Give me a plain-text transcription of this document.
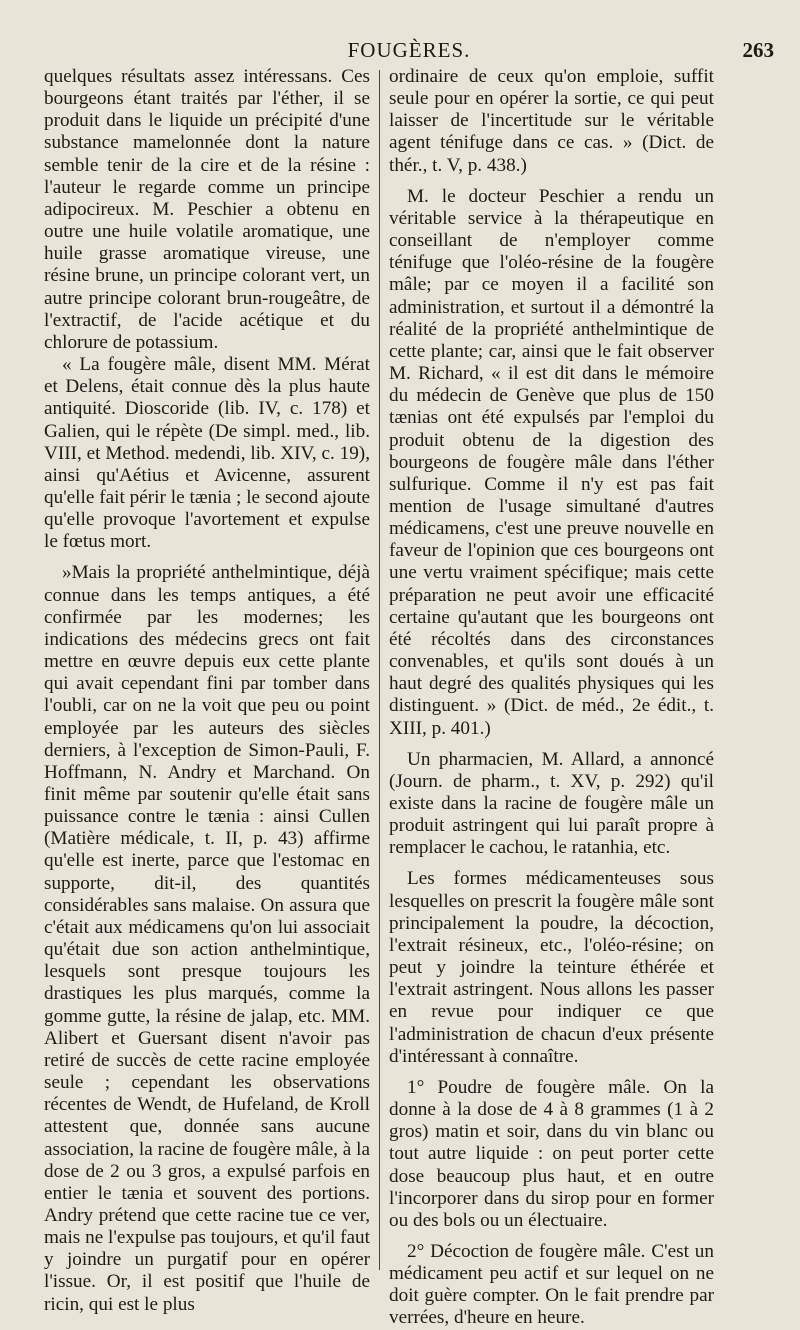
FOUGÈRES.	263

quelques résultats assez intéressans. Ces bourgeons étant traités par l'éther, il se produit dans le liquide un précipité d'une substance mamelonnée dont la nature semble tenir de la cire et de la résine : l'auteur le regarde comme un principe adipocireux. M. Peschier a obtenu en outre une huile volatile aromatique, une huile grasse aromatique vireuse, une résine brune, un principe colorant vert, un autre principe colorant brun-rougeâtre, de l'extractif, de l'acide acétique et du chlorure de potassium.

« La fougère mâle, disent MM. Mérat et Delens, était connue dès la plus haute antiquité. Dioscoride (lib. IV, c. 178) et Galien, qui le répète (De simpl. med., lib. VIII, et Method. medendi, lib. XIV, c. 19), ainsi qu'Aétius et Avicenne, assurent qu'elle fait périr le tænia ; le second ajoute qu'elle provoque l'avortement et expulse le fœtus mort.

»Mais la propriété anthelmintique, déjà connue dans les temps antiques, a été confirmée par les modernes; les indications des médecins grecs ont fait mettre en œuvre depuis eux cette plante qui avait cependant fini par tomber dans l'oubli, car on ne la voit que peu ou point employée par les auteurs des siècles derniers, à l'exception de Simon-Pauli, F. Hoffmann, N. Andry et Marchand. On finit même par soutenir qu'elle était sans puissance contre le tænia : ainsi Cullen (Matière médicale, t. II, p. 43) affirme qu'elle est inerte, parce que l'estomac en supporte, dit-il, des quantités considérables sans malaise. On assura que c'était aux médicamens qu'on lui associait qu'était due son action anthelmintique, lesquels sont presque toujours les drastiques les plus marqués, comme la gomme gutte, la résine de jalap, etc. MM. Alibert et Guersant disent n'avoir pas retiré de succès de cette racine employée seule ; cependant les observations récentes de Wendt, de Hufeland, de Kroll attestent que, donnée sans aucune association, la racine de fougère mâle, à la dose de 2 ou 3 gros, a expulsé parfois en entier le tænia et souvent des portions. Andry prétend que cette racine tue ce ver, mais ne l'expulse pas toujours, et qu'il faut y joindre un purgatif pour en opérer l'issue. Or, il est positif que l'huile de ricin, qui est le plus

ordinaire de ceux qu'on emploie, suffit seule pour en opérer la sortie, ce qui peut laisser de l'incertitude sur le véritable agent ténifuge dans ce cas. » (Dict. de thér., t. V, p. 438.)

M. le docteur Peschier a rendu un véritable service à la thérapeutique en conseillant de n'employer comme ténifuge que l'oléo-résine de la fougère mâle; par ce moyen il a facilité son administration, et surtout il a démontré la réalité de la propriété anthelmintique de cette plante; car, ainsi que le fait observer M. Richard, « il est dit dans le mémoire du médecin de Genève que plus de 150 tænias ont été expulsés par l'emploi du produit obtenu de la digestion des bourgeons de fougère mâle dans l'éther sulfurique. Comme il n'y est pas fait mention de l'usage simultané d'autres médicamens, c'est une preuve nouvelle en faveur de l'opinion que ces bourgeons ont une vertu vraiment spécifique; mais cette préparation ne peut avoir une efficacité certaine qu'autant que les bourgeons ont été récoltés dans des circonstances convenables, et qu'ils sont doués à un haut degré des qualités physiques qui les distinguent. » (Dict. de méd., 2e édit., t. XIII, p. 401.)

Un pharmacien, M. Allard, a annoncé (Journ. de pharm., t. XV, p. 292) qu'il existe dans la racine de fougère mâle un produit astringent qui lui paraît propre à remplacer le cachou, le ratanhia, etc.

Les formes médicamenteuses sous lesquelles on prescrit la fougère mâle sont principalement la poudre, la décoction, l'extrait résineux, etc., l'oléo-résine; on peut y joindre la teinture éthérée et l'extrait astringent. Nous allons les passer en revue pour indiquer ce que l'administration de chacun d'eux présente d'intéressant à connaître.

1° Poudre de fougère mâle. On la donne à la dose de 4 à 8 grammes (1 à 2 gros) matin et soir, dans du vin blanc ou tout autre liquide : on peut porter cette dose beaucoup plus haut, et en outre l'incorporer dans du sirop pour en former ou des bols ou un électuaire.

2° Décoction de fougère mâle. C'est un médicament peu actif et sur lequel on ne doit guère compter. On le fait prendre par verrées, d'heure en heure.
